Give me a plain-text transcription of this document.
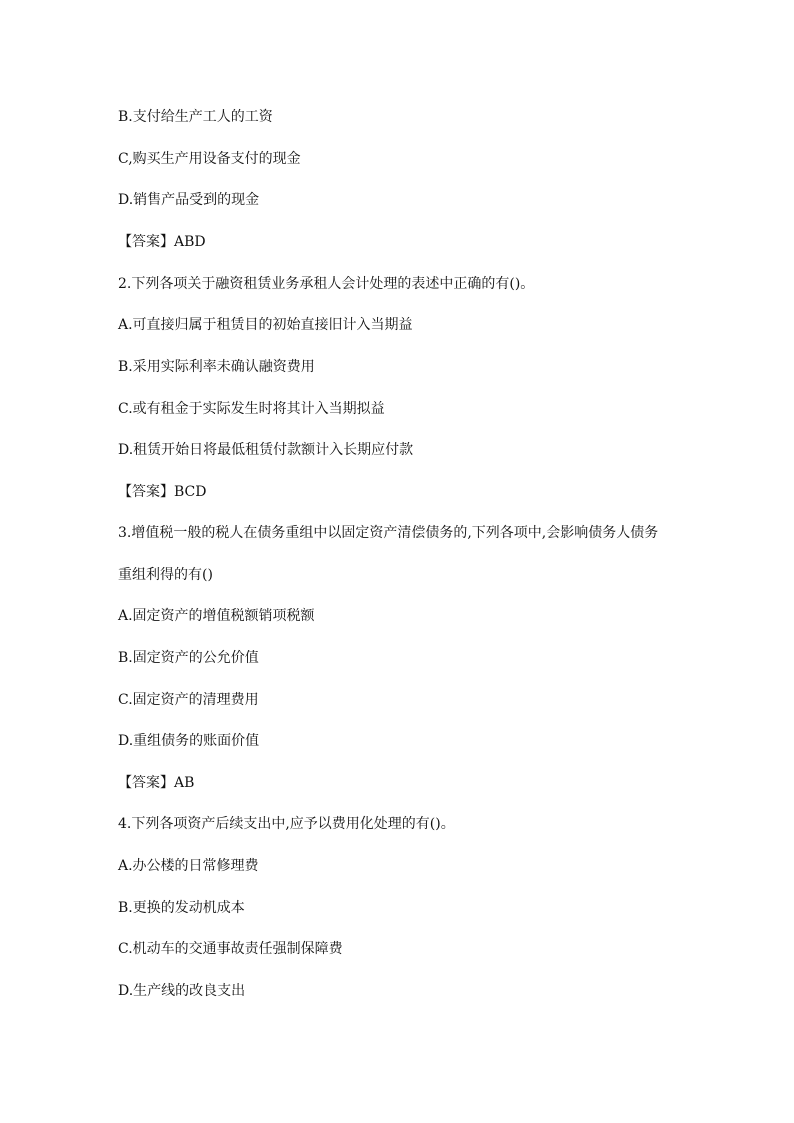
B.支付给生产工人的工资

C,购买生产用设备支付的现金

D.销售产品受到的现金

【答案】ABD

2.下列各项关于融资租赁业务承租人会计处理的表述中正确的有()。

A.可直接归属于租赁目的初始直接旧计入当期益

B.采用实际利率未确认融资费用

C.或有租金于实际发生时将其计入当期拟益

D.租赁开始日将最低租赁付款额计入长期应付款

【答案】BCD

3.增值税一般的税人在债务重组中以固定资产清偿债务的,下列各项中,会影响债务人债务

重组利得的有()

A.固定资产的增值税额销项税额

B.固定资产的公允价值

C.固定资产的清理费用

D.重组债务的账面价值

【答案】AB

4.下列各项资产后续支出中,应予以费用化处理的有()。

A.办公楼的日常修理费

B.更换的发动机成本

C.机动车的交通事故责任强制保障费

D.生产线的改良支出
